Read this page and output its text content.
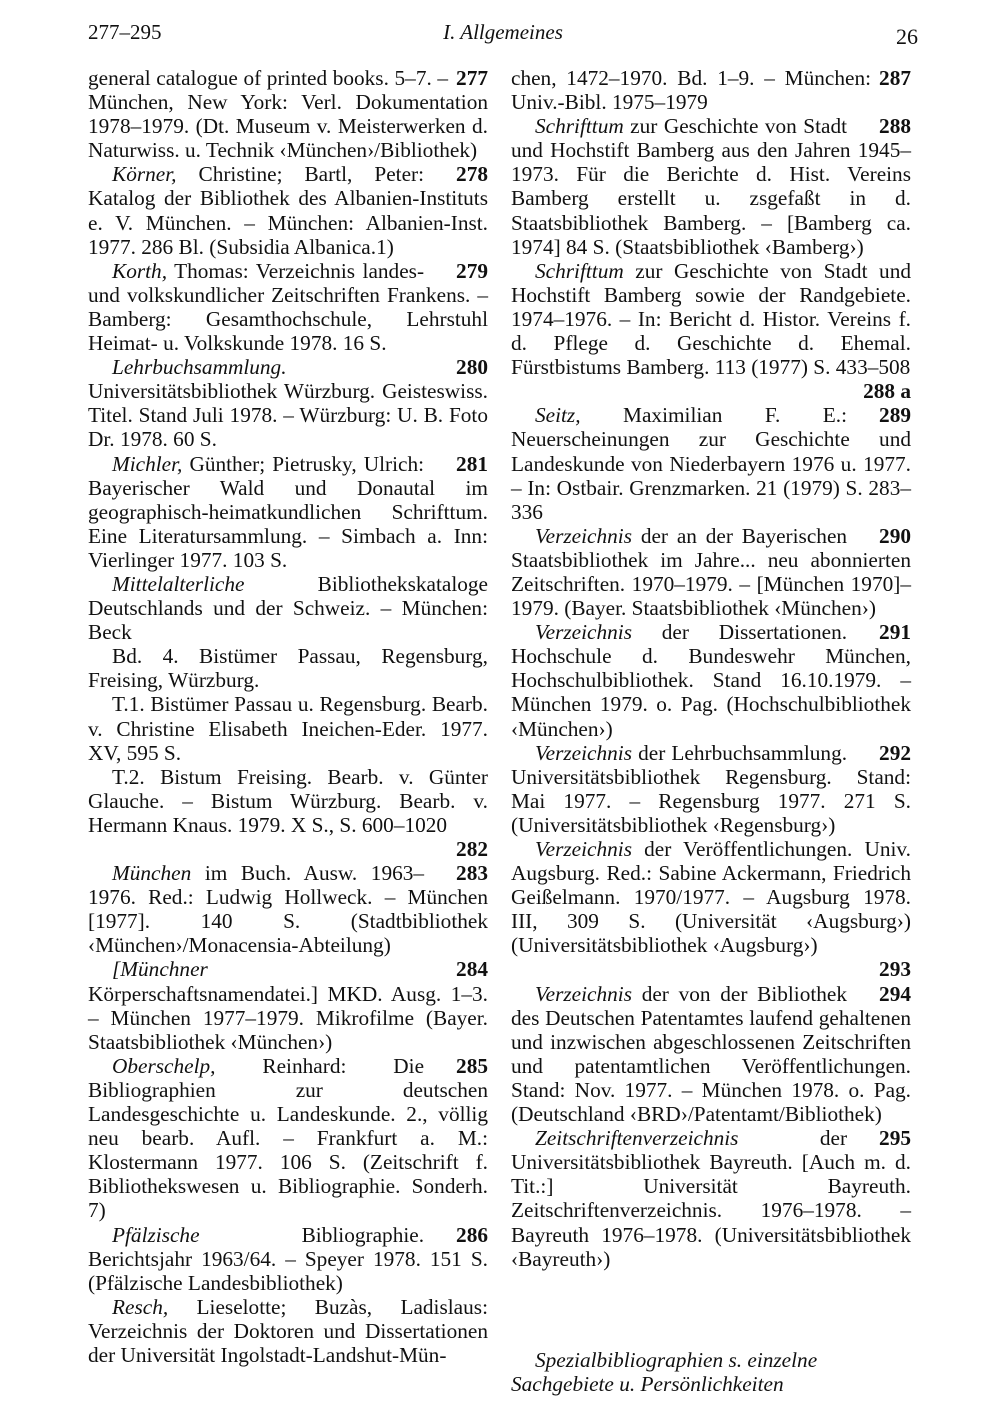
277–295	I. Allgemeines	26

277
general catalogue of printed books. 5–7. – München, New York: Verl. Dokumentation 1978–1979. (Dt. Museum v. Meisterwerken d. Naturwiss. u. Technik ‹München›/Bibliothek)

278
Körner, Christine; Bartl, Peter: Katalog der Bibliothek des Albanien-Instituts e. V. München. – München: Albanien-Inst. 1977. 286 Bl. (Subsidia Albanica.1)

279
Korth, Thomas: Verzeichnis landes- und volkskundlicher Zeitschriften Frankens. – Bamberg: Gesamthochschule, Lehrstuhl Heimat- u. Volkskunde 1978. 16 S.

280
Lehrbuchsammlung. Universitätsbibliothek Würzburg. Geisteswiss. Titel. Stand Juli 1978. – Würzburg: U. B. Foto Dr. 1978. 60 S.

281
Michler, Günther; Pietrusky, Ulrich: Bayerischer Wald und Donautal im geographisch-heimatkundlichen Schrifttum. Eine Literatursammlung. – Simbach a. Inn: Vierlinger 1977. 103 S.

Mittelalterliche Bibliothekskataloge Deutschlands und der Schweiz. – München: Beck

Bd. 4. Bistümer Passau, Regensburg, Freising, Würzburg.

T.1. Bistümer Passau u. Regensburg. Bearb. v. Christine Elisabeth Ineichen-Eder. 1977. XV, 595 S.

T.2. Bistum Freising. Bearb. v. Günter Glauche. – Bistum Würzburg. Bearb. v. Hermann Knaus. 1979. X S., S. 600–1020
282

283
München im Buch. Ausw. 1963–1976. Red.: Ludwig Hollweck. – München [1977]. 140 S. (Stadtbibliothek ‹München›/Monacensia-Abteilung)

284
[Münchner Körperschaftsnamendatei.] MKD. Ausg. 1–3. – München 1977–1979. Mikrofilme (Bayer. Staatsbibliothek ‹München›)

285
Oberschelp, Reinhard: Die Bibliographien zur deutschen Landesgeschichte u. Landeskunde. 2., völlig neu bearb. Aufl. – Frankfurt a. M.: Klostermann 1977. 106 S. (Zeitschrift f. Bibliothekswesen u. Bibliographie. Sonderh. 7)

286
Pfälzische Bibliographie. Berichtsjahr 1963/64. – Speyer 1978. 151 S. (Pfälzische Landesbibliothek)

Resch, Lieselotte; Buzàs, Ladislaus: Verzeichnis der Doktoren und Dissertationen der Universität Ingolstadt-Landshut-Mün-

287
chen, 1472–1970. Bd. 1–9. – München: Univ.-Bibl. 1975–1979

288
Schrifttum zur Geschichte von Stadt und Hochstift Bamberg aus den Jahren 1945–1973. Für die Berichte d. Hist. Vereins Bamberg erstellt u. zsgefaßt in d. Staatsbibliothek Bamberg. – [Bamberg ca. 1974] 84 S. (Staatsbibliothek ‹Bamberg›)

Schrifttum zur Geschichte von Stadt und Hochstift Bamberg sowie der Randgebiete. 1974–1976. – In: Bericht d. Histor. Vereins f. d. Pflege d. Geschichte d. Ehemal. Fürstbistums Bamberg. 113 (1977) S. 433–508
288 a

289
Seitz, Maximilian F. E.: Neuerscheinungen zur Geschichte und Landeskunde von Niederbayern 1976 u. 1977. – In: Ostbair. Grenzmarken. 21 (1979) S. 283–336

290
Verzeichnis der an der Bayerischen Staatsbibliothek im Jahre... neu abonnierten Zeitschriften. 1970–1979. – [München 1970]–1979. (Bayer. Staatsbibliothek ‹München›)

291
Verzeichnis der Dissertationen. Hochschule d. Bundeswehr München, Hochschulbibliothek. Stand 16.10.1979. – München 1979. o. Pag. (Hochschulbibliothek ‹München›)

292
Verzeichnis der Lehrbuchsammlung. Universitätsbibliothek Regensburg. Stand: Mai 1977. – Regensburg 1977. 271 S. (Universitätsbibliothek ‹Regensburg›)

Verzeichnis der Veröffentlichungen. Univ. Augsburg. Red.: Sabine Ackermann, Friedrich Geißelmann. 1970/1977. – Augsburg 1978. III, 309 S. (Universität ‹Augsburg›) (Universitätsbibliothek ‹Augsburg›)
293

294
Verzeichnis der von der Bibliothek des Deutschen Patentamtes laufend gehaltenen und inzwischen abgeschlossenen Zeitschriften und patentamtlichen Veröffentlichungen. Stand: Nov. 1977. – München 1978. o. Pag. (Deutschland ‹BRD›/Patentamt/Bibliothek)

295
Zeitschriftenverzeichnis der Universitätsbibliothek Bayreuth. [Auch m. d. Tit.:] Universität Bayreuth. Zeitschriftenverzeichnis. 1976–1978. – Bayreuth 1976–1978. (Universitätsbibliothek ‹Bayreuth›)

Spezialbibliographien s. einzelne Sachgebiete u. Persönlichkeiten
